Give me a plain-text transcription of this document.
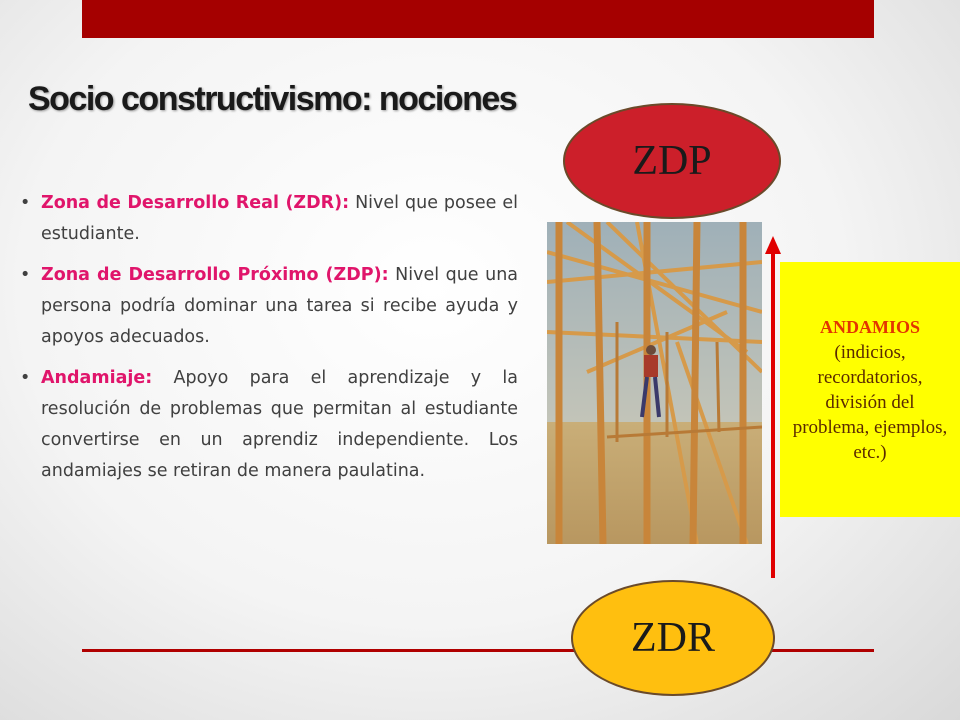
Socio constructivismo: nociones
• Zona de Desarrollo Real (ZDR): Nivel que posee el estudiante.
• Zona de Desarrollo Próximo (ZDP): Nivel que una persona podría dominar una tarea si recibe ayuda y apoyos adecuados.
• Andamiaje: Apoyo para el aprendizaje y la resolución de problemas que permitan al estudiante convertirse en un aprendiz independiente. Los andamiajes se retiran de manera paulatina.
ANDAMIOS
(indicios, recordatorios, división del problema, ejemplos, etc.)
ZDP
ZDR
